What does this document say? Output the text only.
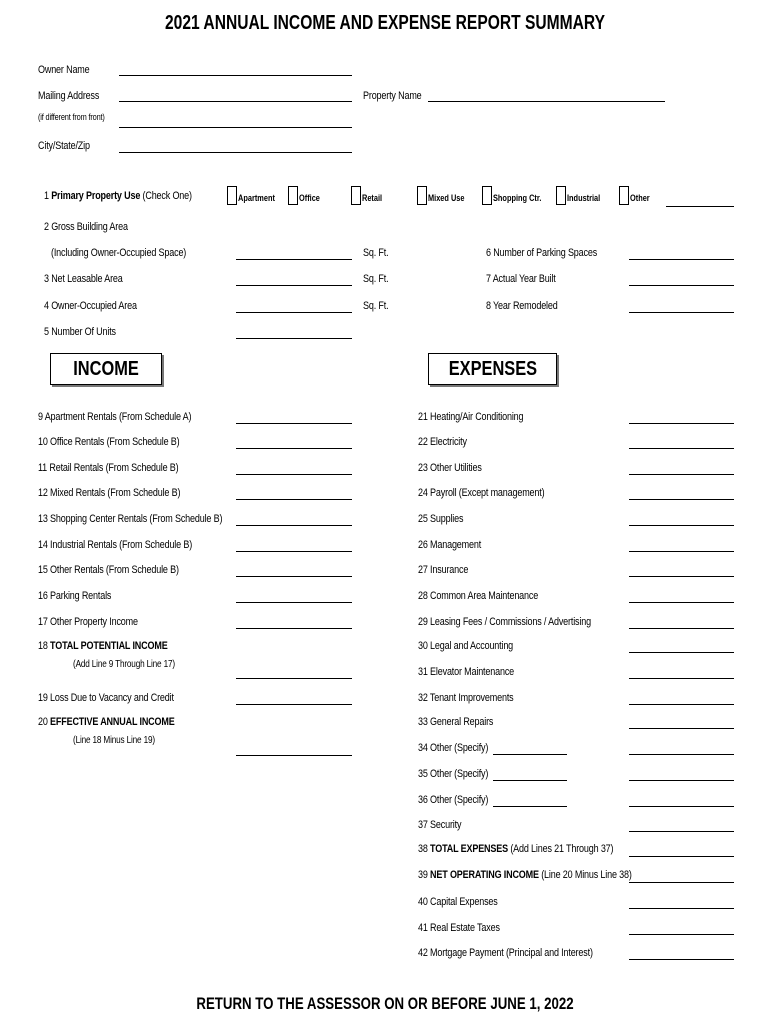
2021 ANNUAL INCOME AND EXPENSE REPORT SUMMARY
Owner Name
Mailing Address
(if different from front)
Property Name
City/State/Zip
1 Primary Property Use (Check One)	Apartment	Office	Retail	Mixed Use	Shopping Ctr.	Industrial	Other
2 Gross Building Area
(Including Owner-Occupied Space)	Sq. Ft.
3 Net Leasable Area	Sq. Ft.
4 Owner-Occupied Area	Sq. Ft.
5 Number Of Units
6 Number of Parking Spaces
7 Actual Year Built
8 Year Remodeled
INCOME	EXPENSES
9 Apartment Rentals (From Schedule A)
10 Office Rentals (From Schedule B)
11 Retail Rentals (From Schedule B)
12 Mixed Rentals (From Schedule B)
13 Shopping Center Rentals (From Schedule B)
14 Industrial Rentals (From Schedule B)
15 Other Rentals (From Schedule B)
16 Parking Rentals
17 Other Property Income
18 TOTAL POTENTIAL INCOME
(Add Line 9 Through Line 17)
19 Loss Due to Vacancy and Credit
20 EFFECTIVE ANNUAL INCOME
(Line 18 Minus Line 19)
21 Heating/Air Conditioning
22 Electricity
23 Other Utilities
24 Payroll (Except management)
25 Supplies
26 Management
27 Insurance
28 Common Area Maintenance
29 Leasing Fees / Commissions / Advertising
30 Legal and Accounting
31 Elevator Maintenance
32 Tenant Improvements
33 General Repairs
34 Other (Specify)
35 Other (Specify)
36 Other (Specify)
37 Security
38 TOTAL EXPENSES (Add Lines 21 Through 37)
39 NET OPERATING INCOME (Line 20 Minus Line 38)
40 Capital Expenses
41 Real Estate Taxes
42 Mortgage Payment (Principal and Interest)
RETURN TO THE ASSESSOR ON OR BEFORE JUNE 1, 2022
